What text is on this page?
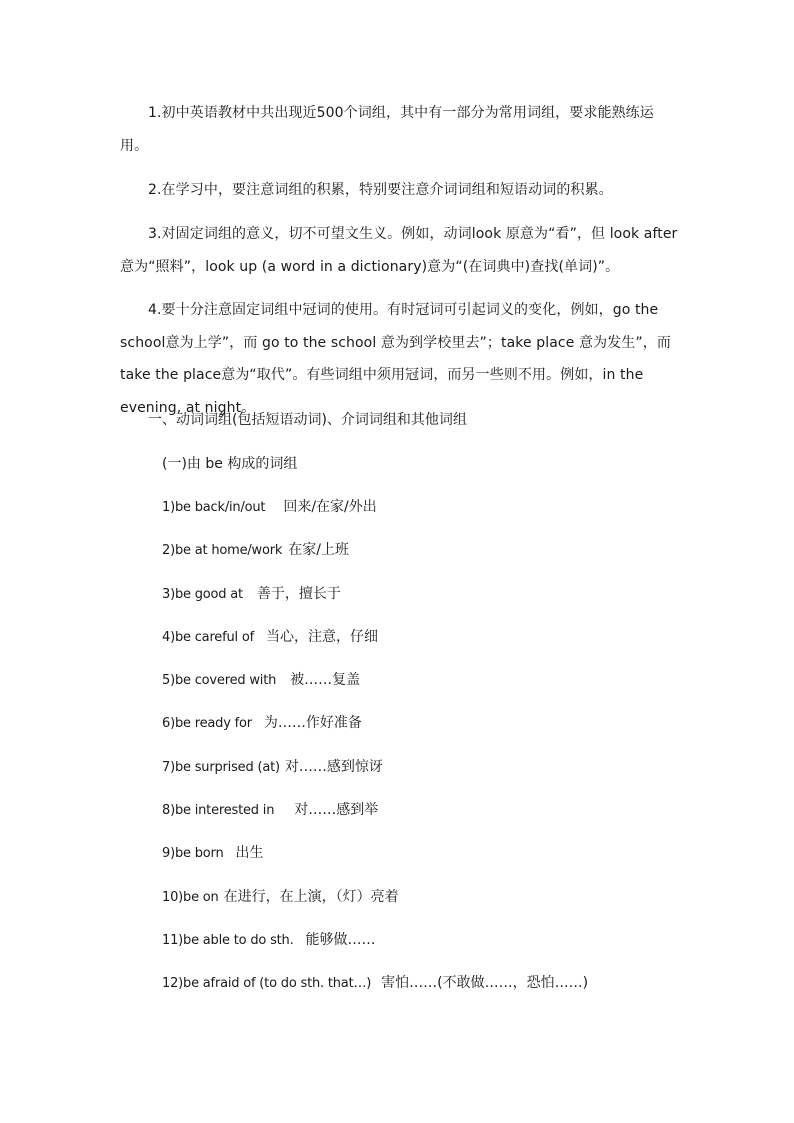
1.初中英语教材中共出现近500个词组，其中有一部分为常用词组，要求能熟练运用。

2.在学习中，要注意词组的积累，特别要注意介词词组和短语动词的积累。

3.对固定词组的意义，切不可望文生义。例如，动词look 原意为“看”，但 look after意为“照料”，look up (a word in a dictionary)意为“(在词典中)查找(单词)”。

4.要十分注意固定词组中冠词的使用。有时冠词可引起词义的变化，例如，go the school意为上学”，而 go to the school 意为到学校里去”；take place 意为发生”，而 take the place意为“取代”。有些词组中须用冠词，而另一些则不用。例如，in the evening, at night。

一、动词词组(包括短语动词)、介词词组和其他词组

(一)由 be 构成的词组

1)be back/in/out 回来/在家/外出
2)be at home/work 在家/上班
3)be good at 善于，擅长于
4)be careful of 当心，注意，仔细
5)be covered with 被……复盖
6)be ready for 为……作好准备
7)be surprised (at) 对……感到惊讶
8)be interested in 对……感到举
9)be born 出生
10)be on 在进行，在上演，（灯）亮着
11)be able to do sth. 能够做……
12)be afraid of (to do sth. that…) 害怕……(不敢做……，恐怕……)
